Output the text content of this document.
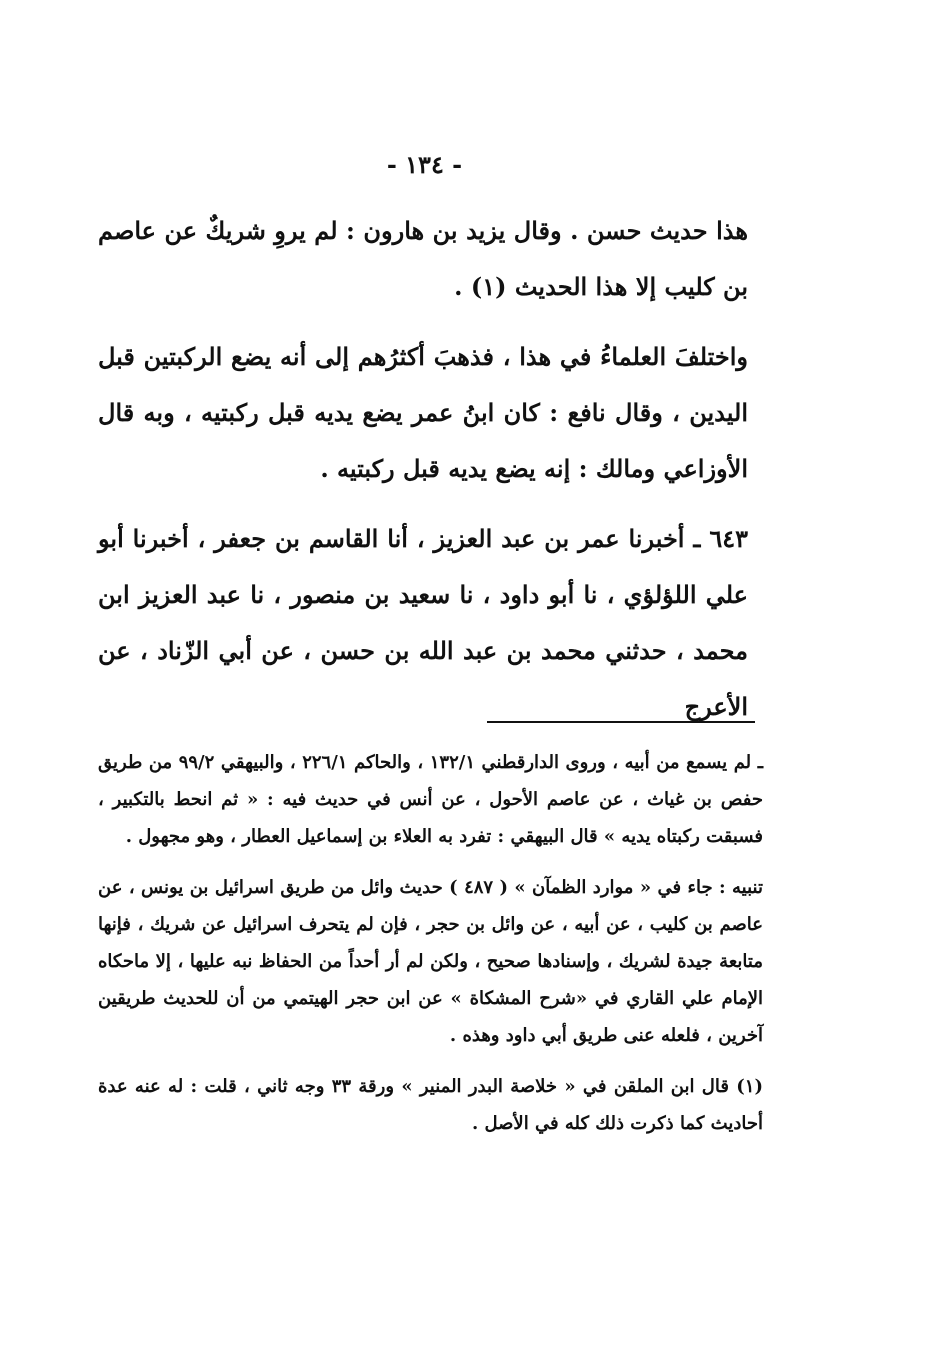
- ١٣٤ -

هذا حديث حسن . وقال يزيد بن هارون : لم يروِ شريكٌ عن عاصم بن كليب إلا هذا الحديث (١) .

واختلفَ العلماءُ في هذا ، فذهبَ أكثرُهم إلى أنه يضع الركبتين قبل اليدين ، وقال نافع : كان ابنُ عمر يضع يديه قبل ركبتيه ، وبه قال الأوزاعي ومالك : إنه يضع يديه قبل ركبتيه .

٦٤٣ ـ أخبرنا عمر بن عبد العزيز ، أنا القاسم بن جعفر ، أخبرنا أبو علي اللؤلؤي ، نا أبو داود ، نا سعيد بن منصور ، نا عبد العزيز ابن محمد ، حدثني محمد بن عبد الله بن حسن ، عن أبي الزّناد ، عن الأعرج

ـ لم يسمع من أبيه ، وروى الدارقطني ١٣٢/١ ، والحاكم ٢٢٦/١ ، والبيهقي ٩٩/٢ من طريق حفص بن غياث ، عن عاصم الأحول ، عن أنس في حديث فيه : « ثم انحط بالتكبير ، فسبقت ركبتاه يديه » قال البيهقي : تفرد به العلاء بن إسماعيل العطار ، وهو مجهول .

تنبيه : جاء في « موارد الظمآن » ( ٤٨٧ ) حديث وائل من طريق اسرائيل بن يونس ، عن عاصم بن كليب ، عن أبيه ، عن وائل بن حجر ، فإن لم يتحرف اسرائيل عن شريك ، فإنها متابعة جيدة لشريك ، وإسنادها صحيح ، ولكن لم أر أحداً من الحفاظ نبه عليها ، إلا ماحكاه الإمام علي القاري في «شرح المشكاة » عن ابن حجر الهيتمي من أن للحديث طريقين آخرين ، فلعله عنى طريق أبي داود وهذه .

(١) قال ابن الملقن في « خلاصة البدر المنير » ورقة ٣٣ وجه ثاني ، قلت : له عنه عدة أحاديث كما ذكرت ذلك كله في الأصل .
